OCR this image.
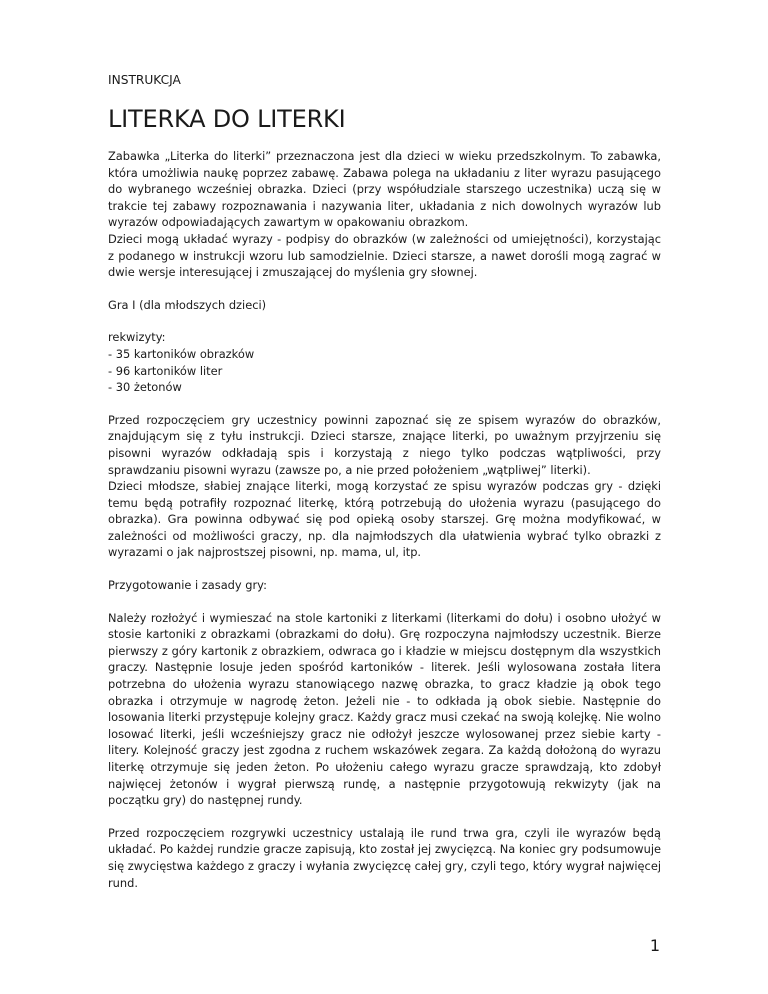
INSTRUKCJA
LITERKA DO LITERKI

Zabawka „Literka do literki” przeznaczona jest dla dzieci w wieku przedszkolnym. To zabawka, która umożliwia naukę poprzez zabawę. Zabawa polega na układaniu z liter wyrazu pasującego do wybranego wcześniej obrazka. Dzieci (przy współudziale starszego uczestnika) uczą się w trakcie tej zabawy rozpoznawania i nazywania liter, układania z nich dowolnych wyrazów lub wyrazów odpowiadających zawartym w opakowaniu obrazkom.

Dzieci mogą układać wyrazy - podpisy do obrazków (w zależności od umiejętności), korzystając z podanego w instrukcji wzoru lub samodzielnie. Dzieci starsze, a nawet dorośli mogą zagrać w dwie wersje interesującej i zmuszającej do myślenia gry słownej.

Gra I (dla młodszych dzieci)

rekwizyty:

- 35 kartoników obrazków
- 96 kartoników liter
- 30 żetonów

Przed rozpoczęciem gry uczestnicy powinni zapoznać się ze spisem wyrazów do obrazków, znajdującym się z tyłu instrukcji. Dzieci starsze, znające literki, po uważnym przyjrzeniu się pisowni wyrazów odkładają spis i korzystają z niego tylko podczas wątpliwości, przy sprawdzaniu pisowni wyrazu (zawsze po, a nie przed położeniem „wątpliwej” literki).

Dzieci młodsze, słabiej znające literki, mogą korzystać ze spisu wyrazów podczas gry - dzięki temu będą potrafiły rozpoznać literkę, którą potrzebują do ułożenia wyrazu (pasującego do obrazka). Gra powinna odbywać się pod opieką osoby starszej. Grę można modyfikować, w zależności od możliwości graczy, np. dla najmłodszych dla ułatwienia wybrać tylko obrazki z wyrazami o jak najprostszej pisowni, np. mama, ul, itp.

Przygotowanie i zasady gry:

Należy rozłożyć i wymieszać na stole kartoniki z literkami (literkami do dołu) i osobno ułożyć w stosie kartoniki z obrazkami (obrazkami do dołu). Grę rozpoczyna najmłodszy uczestnik. Bierze pierwszy z góry kartonik z obrazkiem, odwraca go i kładzie w miejscu dostępnym dla wszystkich graczy. Następnie losuje jeden spośród kartoników - literek. Jeśli wylosowana została litera potrzebna do ułożenia wyrazu stanowiącego nazwę obrazka, to gracz kładzie ją obok tego obrazka i otrzymuje w nagrodę żeton. Jeżeli nie - to odkłada ją obok siebie. Następnie do losowania literki przystępuje kolejny gracz. Każdy gracz musi czekać na swoją kolejkę. Nie wolno losować literki, jeśli wcześniejszy gracz nie odłożył jeszcze wylosowanej przez siebie karty - litery. Kolejność graczy jest zgodna z ruchem wskazówek zegara. Za każdą dołożoną do wyrazu literkę otrzymuje się jeden żeton. Po ułożeniu całego wyrazu gracze sprawdzają, kto zdobył najwięcej żetonów i wygrał pierwszą rundę, a następnie przygotowują rekwizyty (jak na początku gry) do następnej rundy.

Przed rozpoczęciem rozgrywki uczestnicy ustalają ile rund trwa gra, czyli ile wyrazów będą układać. Po każdej rundzie gracze zapisują, kto został jej zwycięzcą. Na koniec gry podsumowuje się zwycięstwa każdego z graczy i wyłania zwycięzcę całej gry, czyli tego, który wygrał najwięcej rund.

1
